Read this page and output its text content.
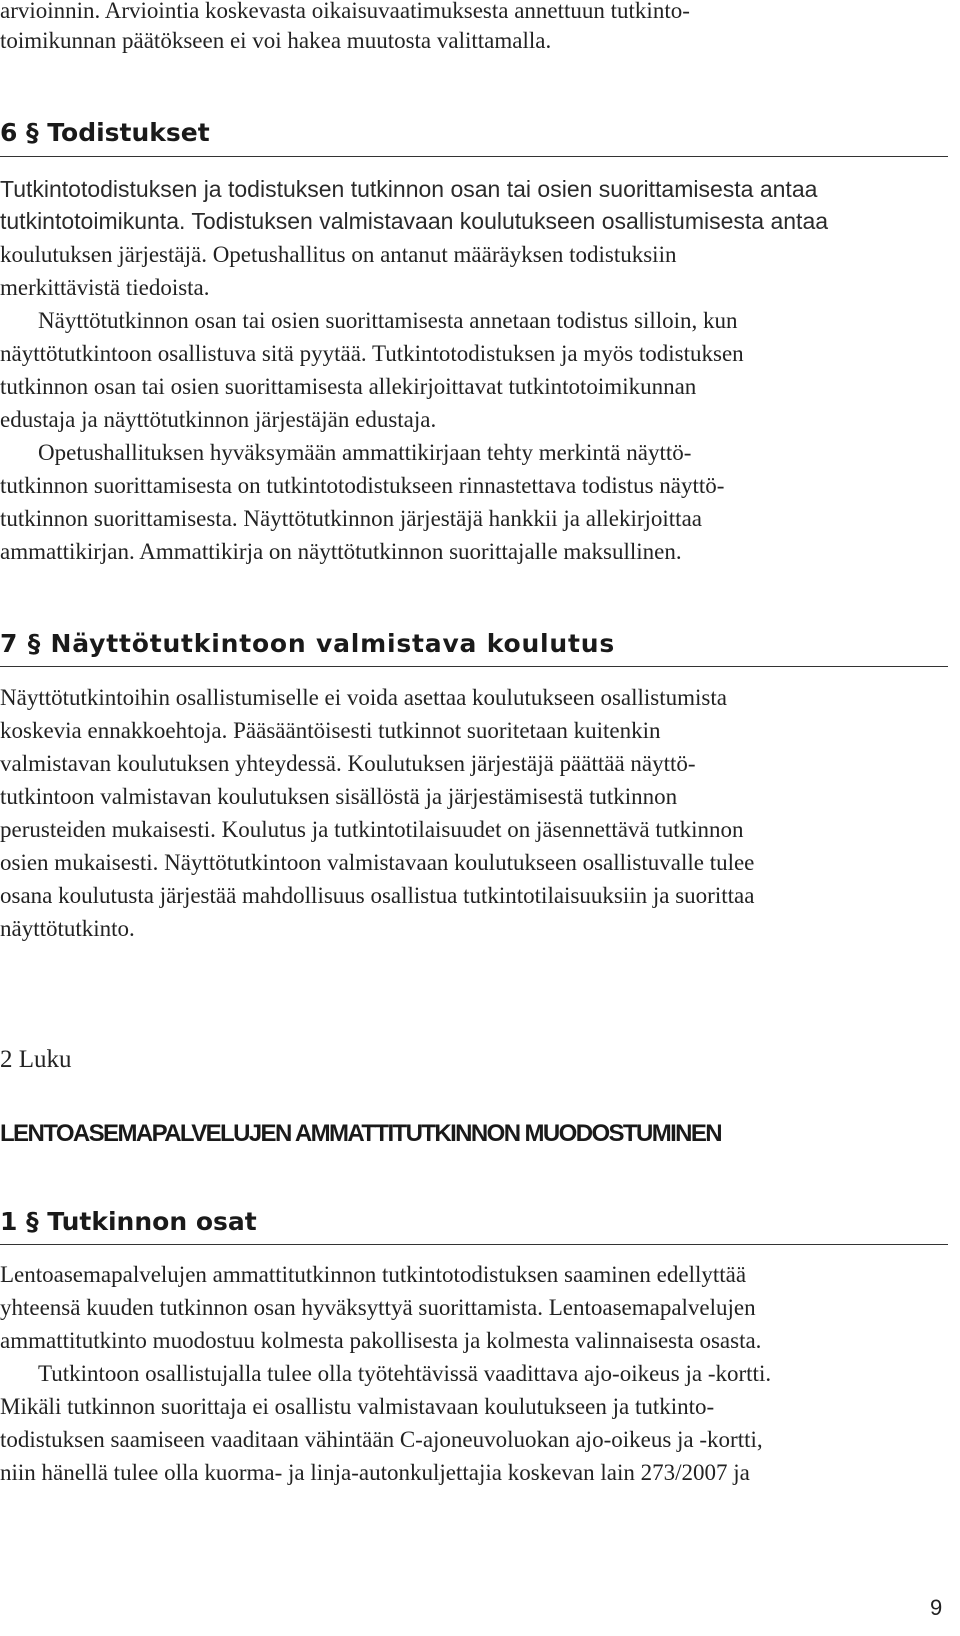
arvioinnin. Arviointia koskevasta oikaisuvaatimuksesta annettuun tutkinto-

toimikunnan päätökseen ei voi hakea muutosta valittamalla.

6 § Todistukset

Tutkintotodistuksen ja todistuksen tutkinnon osan tai osien suorittamisesta antaa

tutkintotoimikunta. Todistuksen valmistavaan koulutukseen osallistumisesta antaa

koulutuksen järjestäjä. Opetushallitus on antanut määräyksen todistuksiin

merkittävistä tiedoista.

Näyttötutkinnon osan tai osien suorittamisesta annetaan todistus silloin, kun

näyttötutkintoon osallistuva sitä pyytää. Tutkintotodistuksen ja myös todistuksen

tutkinnon osan tai osien suorittamisesta allekirjoittavat tutkintotoimikunnan

edustaja ja näyttötutkinnon järjestäjän edustaja.

Opetushallituksen hyväksymään ammattikirjaan tehty merkintä näyttö-

tutkinnon suorittamisesta on tutkintotodistukseen rinnastettava todistus näyttö-

tutkinnon suorittamisesta. Näyttötutkinnon järjestäjä hankkii ja allekirjoittaa

ammattikirjan. Ammattikirja on näyttötutkinnon suorittajalle maksullinen.

7 § Näyttötutkintoon valmistava koulutus

Näyttötutkintoihin osallistumiselle ei voida asettaa koulutukseen osallistumista

koskevia ennakkoehtoja. Pääsääntöisesti tutkinnot suoritetaan kuitenkin

valmistavan koulutuksen yhteydessä. Koulutuksen järjestäjä päättää näyttö-

tutkintoon valmistavan koulutuksen sisällöstä ja järjestämisestä tutkinnon

perusteiden mukaisesti. Koulutus ja tutkintotilaisuudet on jäsennettävä tutkinnon

osien mukaisesti. Näyttötutkintoon valmistavaan koulutukseen osallistuvalle tulee

osana koulutusta järjestää mahdollisuus osallistua tutkintotilaisuuksiin ja suorittaa

näyttötutkinto.

2 Luku

LENTOASEMAPALVELUJEN AMMATTITUTKINNON MUODOSTUMINEN
1 § Tutkinnon osat

Lentoasemapalvelujen ammattitutkinnon tutkintotodistuksen saaminen edellyttää

yhteensä kuuden tutkinnon osan hyväksyttyä suorittamista. Lentoasemapalvelujen

ammattitutkinto muodostuu kolmesta pakollisesta ja kolmesta valinnaisesta osasta.

Tutkintoon osallistujalla tulee olla työtehtävissä vaadittava ajo-oikeus ja -kortti.

Mikäli tutkinnon suorittaja ei osallistu valmistavaan koulutukseen ja tutkinto-

todistuksen saamiseen vaaditaan vähintään C-ajoneuvoluokan ajo-oikeus ja -kortti,

niin hänellä tulee olla kuorma- ja linja-autonkuljettajia koskevan lain 273/2007 ja

9
